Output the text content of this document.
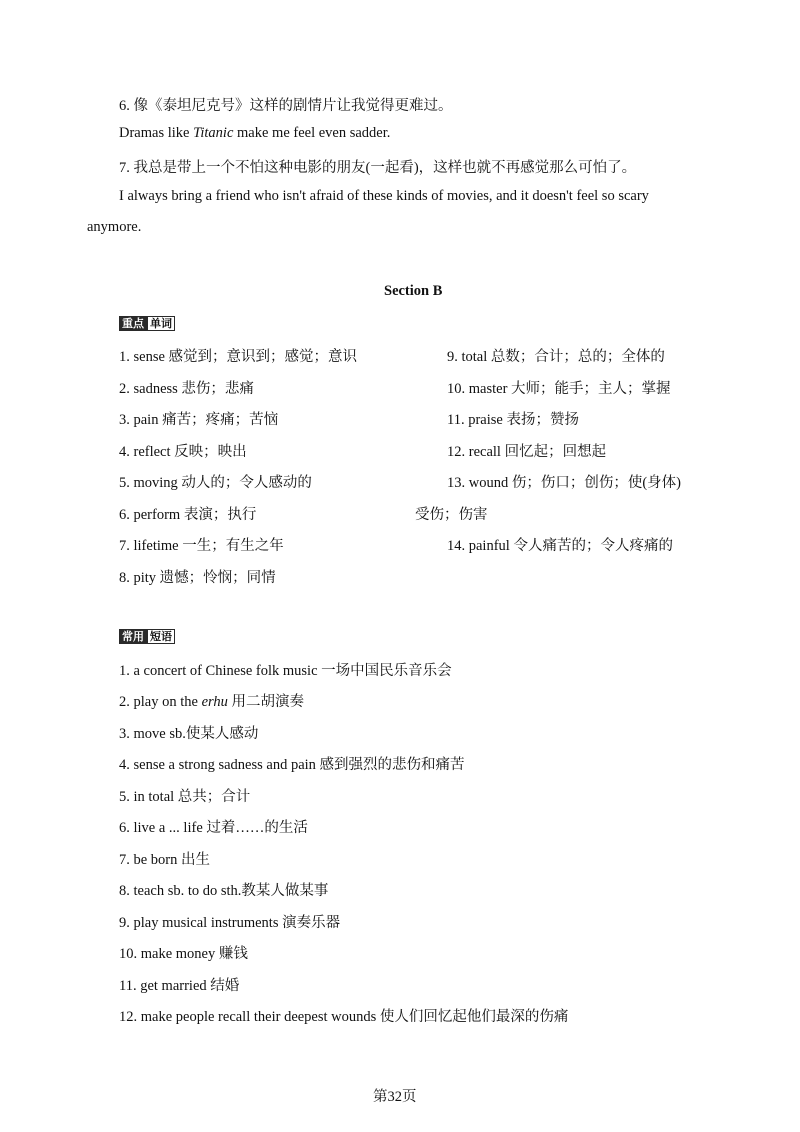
6. 像《泰坦尼克号》这样的剧情片让我觉得更难过。
Dramas like Titanic make me feel even sadder.
7. 我总是带上一个不怕这种电影的朋友(一起看)，这样也就不再感觉那么可怕了。
I always bring a friend who isn't afraid of these kinds of movies, and it doesn't feel so scary
anymore.
Section B
重点 单词
1. sense 感觉到；意识到；感觉；意识
2. sadness 悲伤；悲痛
3. pain 痛苦；疼痛；苦恼
4. reflect 反映；映出
5. moving 动人的；令人感动的
6. perform 表演；执行
7. lifetime 一生；有生之年
8. pity 遗憾；怜悯；同情
9. total 总数；合计；总的；全体的
10. master 大师；能手；主人；掌握
11. praise 表扬；赞扬
12. recall 回忆起；回想起
13. wound 伤；伤口；创伤；使(身体)
受伤；伤害
14. painful 令人痛苦的；令人疼痛的
常用 短语
1. a concert of Chinese folk music 一场中国民乐音乐会
2. play on the erhu 用二胡演奏
3. move sb.使某人感动
4. sense a strong sadness and pain 感到强烈的悲伤和痛苦
5. in total 总共；合计
6. live a ... life 过着……的生活
7. be born 出生
8. teach sb. to do sth.教某人做某事
9. play musical instruments 演奏乐器
10. make money 赚钱
11. get married 结婚
12. make people recall their deepest wounds 使人们回忆起他们最深的伤痛
第32页
